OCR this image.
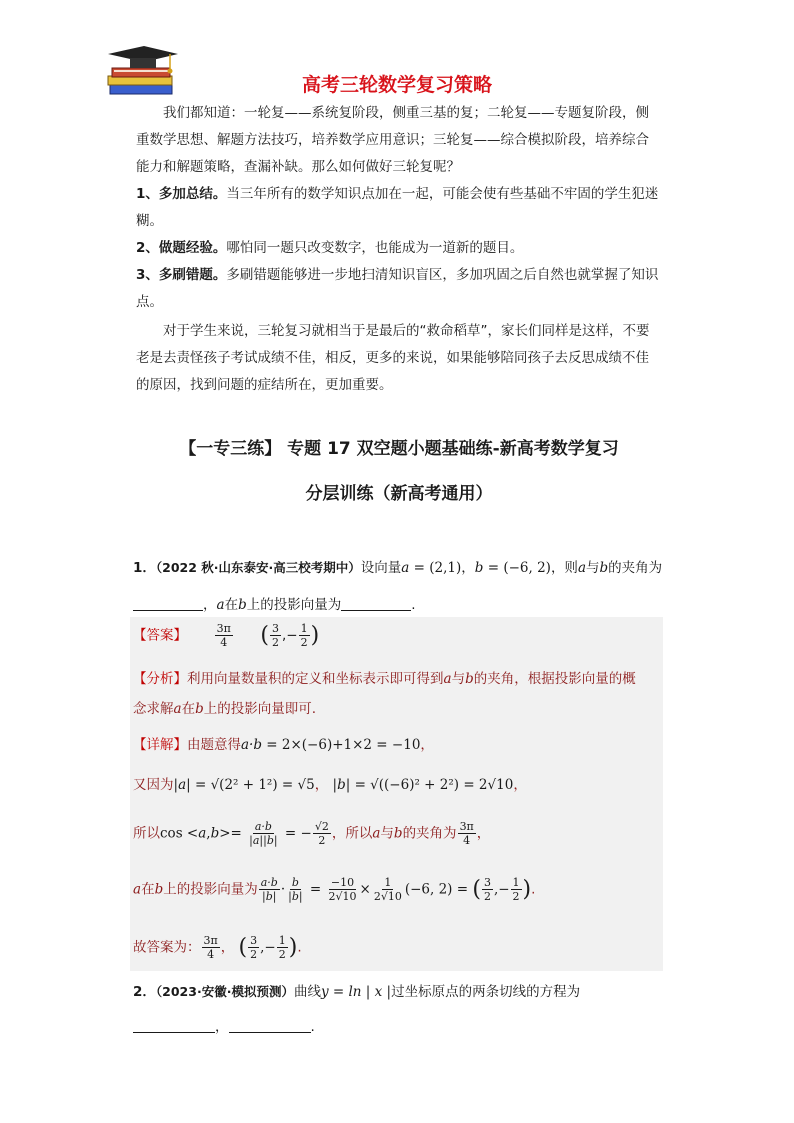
高考三轮数学复习策略
我们都知道：一轮复——系统复阶段，侧重三基的复；二轮复——专题复阶段，侧重数学思想、解题方法技巧，培养数学应用意识；三轮复——综合模拟阶段，培养综合能力和解题策略，查漏补缺。那么如何做好三轮复呢？
1、多加总结。当三年所有的数学知识点加在一起，可能会使有些基础不牢固的学生犯迷糊。
2、做题经验。哪怕同一题只改变数字，也能成为一道新的题目。
3、多刷错题。多刷错题能够进一步地扫清知识盲区，多加巩固之后自然也就掌握了知识点。
对于学生来说，三轮复习就相当于是最后的“救命稻草”，家长们同样是这样，不要老是去责怪孩子考试成绩不佳，相反，更多的来说，如果能够陪同孩子去反思成绩不佳的原因，找到问题的症结所在，更加重要。
【一专三练】 专题 17 双空题小题基础练-新高考数学复习
分层训练（新高考通用）
1．（2022 秋·山东泰安·高三校考期中）设向量a = (2,1)，b = (−6, 2)，则a与b的夹角为
，a在b上的投影向量为	.
【答案】	$\frac{3\pi}{4}$ ( $\frac{3}{2}$ ,− $\frac{1}{2}$ )
【分析】利用向量数量积的定义和坐标表示即可得到a与b的夹角，根据投影向量的概
念求解a在b上的投影向量即可.
【详解】由题意得a·b = 2×(−6)+1×2 = −10，
又因为|a| = √(2² + 1²) = √5， |b| = √((−6)² + 2²) = 2√10，
所以$\cos <a,b>= \frac{a\cdot b}{|a||b|}$ = − $\frac{√2}{2}$ ，所以a与b的夹角为 $\frac{3\pi}{4}$ ，
a在b上的投影向量为 $\frac{a\cdot b}{|b|} \cdot \frac{b}{|b|} = \frac{-10}{2√10} \times \frac{1}{2√10} (-6$, 2) = ( $\frac{3}{2}$ ,− $\frac{1}{2}$ ).
故答案为： $\frac{3\pi}{4}$ ， ( $\frac{3}{2}$ ,− $\frac{1}{2}$ ).
2．（2023·安徽·模拟预测）曲线y = ln | x |过坐标原点的两条切线的方程为
，	.
